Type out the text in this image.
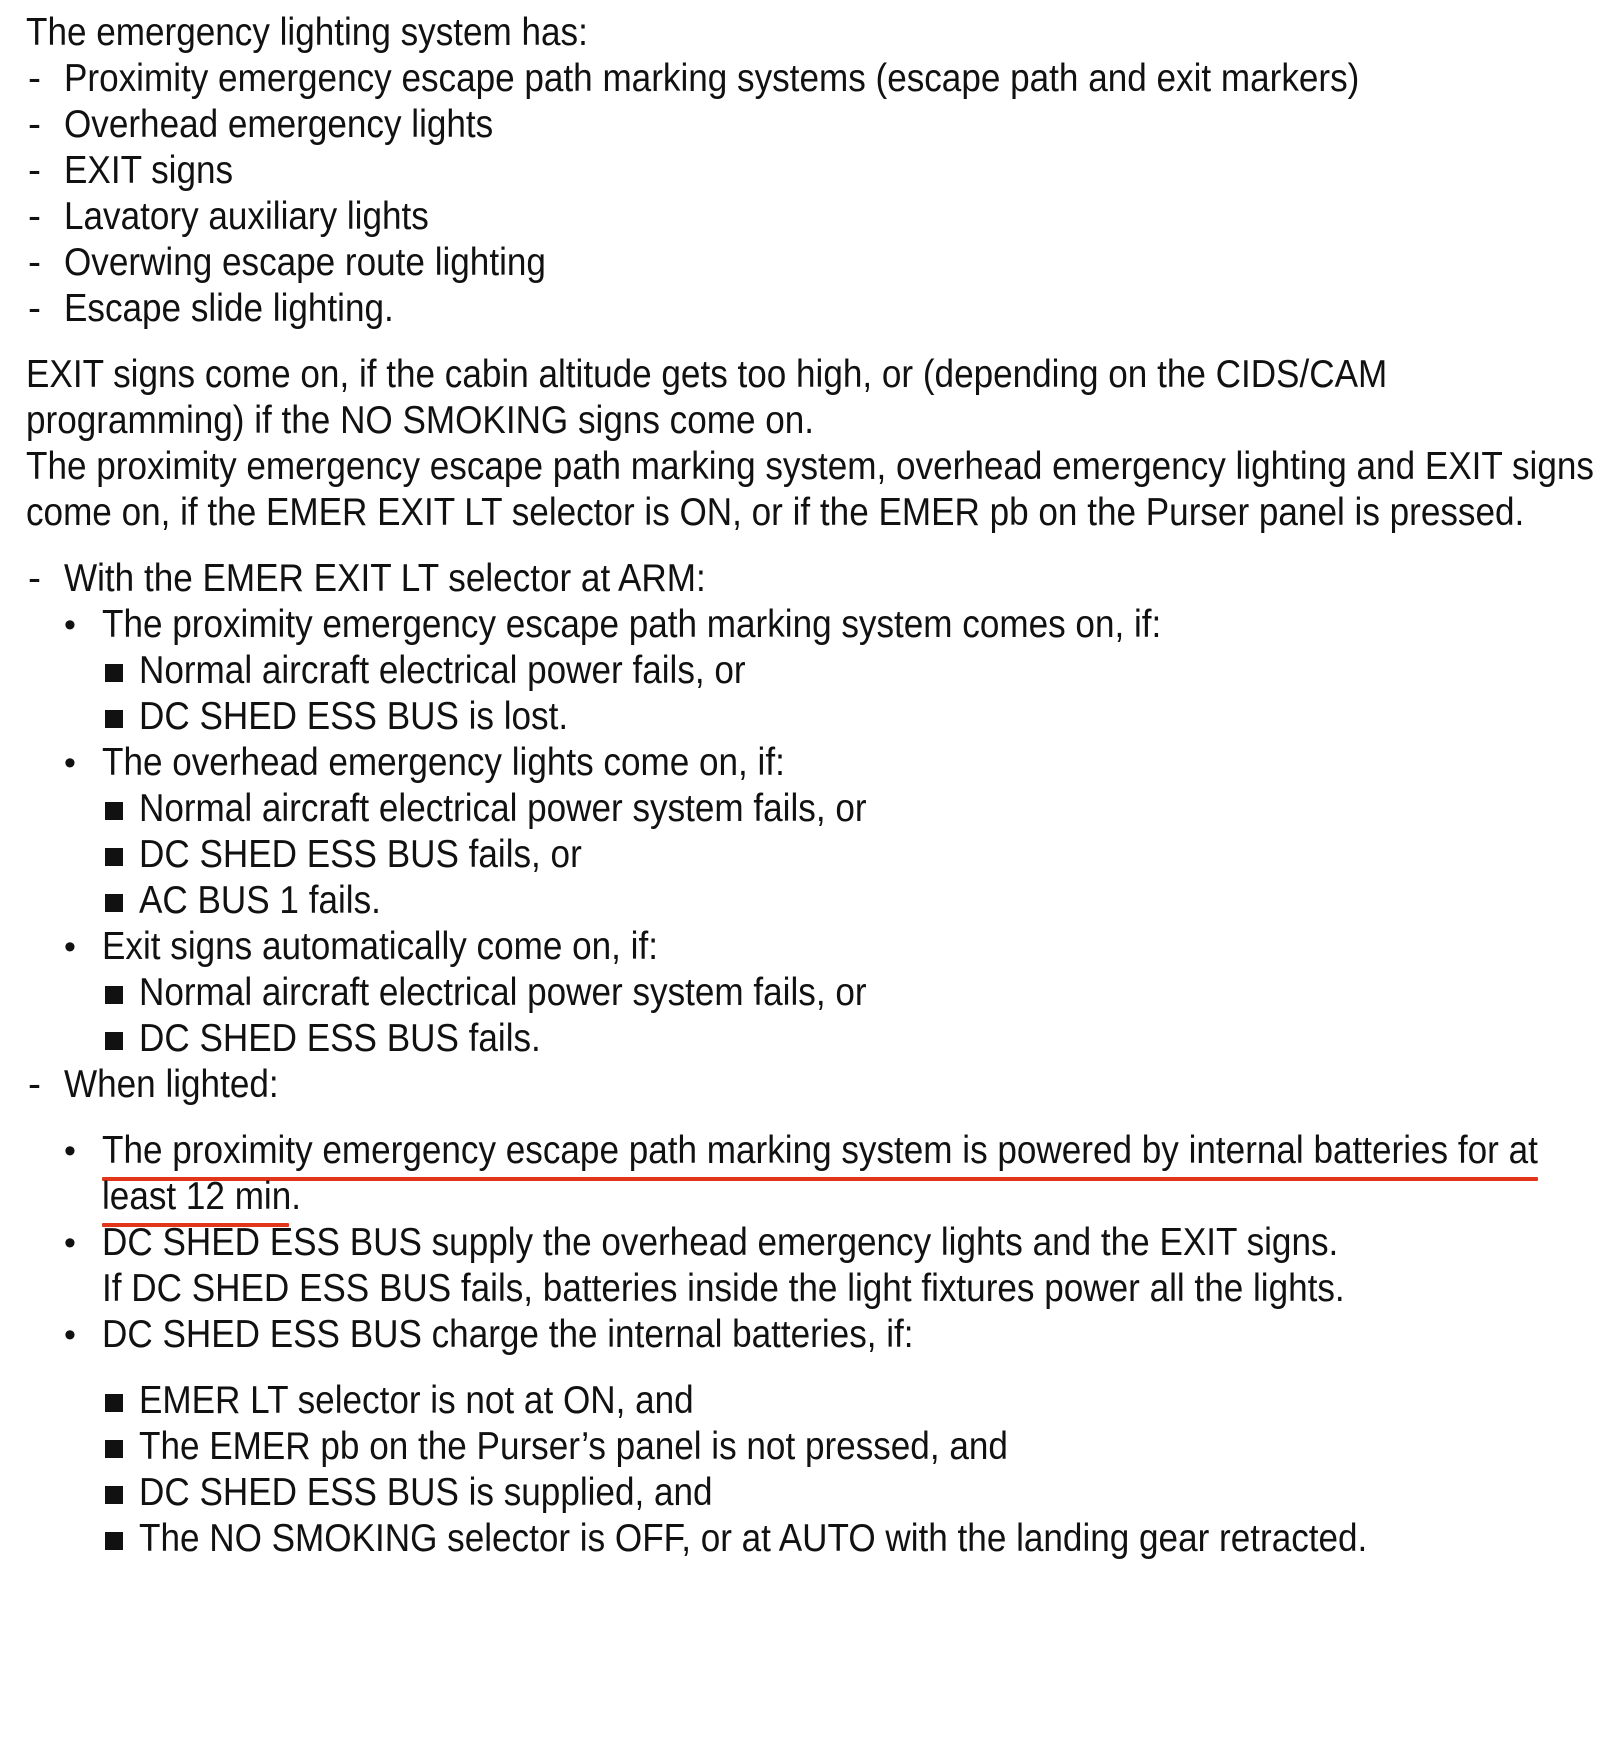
The emergency lighting system has:
- Proximity emergency escape path marking systems (escape path and exit markers)
- Overhead emergency lights
- EXIT signs
- Lavatory auxiliary lights
- Overwing escape route lighting
- Escape slide lighting.
EXIT signs come on, if the cabin altitude gets too high, or (depending on the CIDS/CAM
programming) if the NO SMOKING signs come on.
The proximity emergency escape path marking system, overhead emergency lighting and EXIT signs
come on, if the EMER EXIT LT selector is ON, or if the EMER pb on the Purser panel is pressed.
- With the EMER EXIT LT selector at ARM:
• The proximity emergency escape path marking system comes on, if:
Normal aircraft electrical power fails, or
DC SHED ESS BUS is lost.
• The overhead emergency lights come on, if:
Normal aircraft electrical power system fails, or
DC SHED ESS BUS fails, or
AC BUS 1 fails.
• Exit signs automatically come on, if:
Normal aircraft electrical power system fails, or
DC SHED ESS BUS fails.
- When lighted:
• The proximity emergency escape path marking system is powered by internal batteries for at
least 12 min.
• DC SHED ESS BUS supply the overhead emergency lights and the EXIT signs.
If DC SHED ESS BUS fails, batteries inside the light fixtures power all the lights.
• DC SHED ESS BUS charge the internal batteries, if:
EMER LT selector is not at ON, and
The EMER pb on the Purser’s panel is not pressed, and
DC SHED ESS BUS is supplied, and
The NO SMOKING selector is OFF, or at AUTO with the landing gear retracted.
